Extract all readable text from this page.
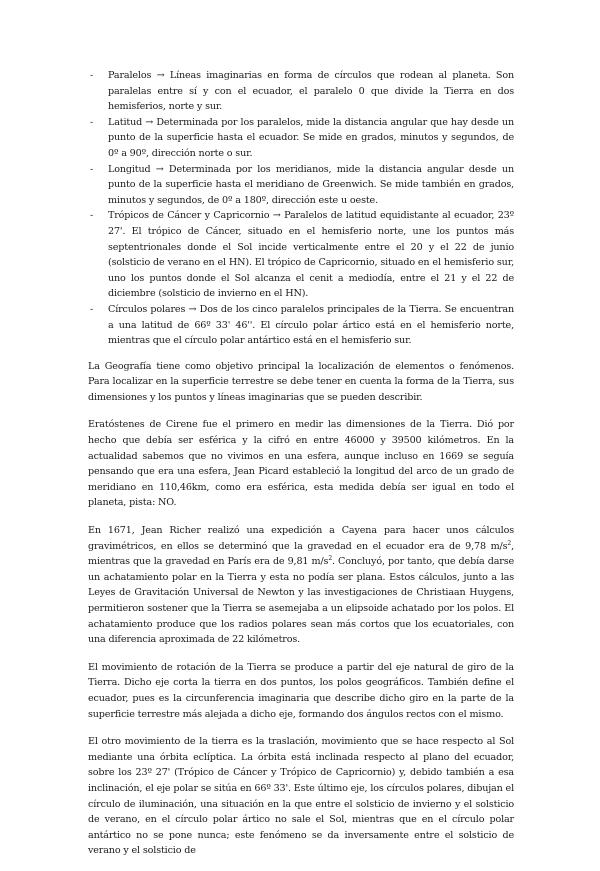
- Paralelos → Líneas imaginarias en forma de círculos que rodean al planeta. Son paralelas entre sí y con el ecuador, el paralelo 0 que divide la Tierra en dos hemisferios, norte y sur.
- Latitud → Determinada por los paralelos, mide la distancia angular que hay desde un punto de la superficie hasta el ecuador. Se mide en grados, minutos y segundos, de 0º a 90º, dirección norte o sur.
- Longitud → Determinada por los meridianos, mide la distancia angular desde un punto de la superficie hasta el meridiano de Greenwich. Se mide también en grados, minutos y segundos, de 0º a 180º, dirección este u oeste.
- Trópicos de Cáncer y Capricornio → Paralelos de latitud equidistante al ecuador, 23º 27'. El trópico de Cáncer, situado en el hemisferio norte, une los puntos más septentrionales donde el Sol incide verticalmente entre el 20 y el 22 de junio (solsticio de verano en el HN). El trópico de Capricornio, situado en el hemisferio sur, uno los puntos donde el Sol alcanza el cenit a mediodía, entre el 21 y el 22 de diciembre (solsticio de invierno en el HN).
- Círculos polares → Dos de los cinco paralelos principales de la Tierra. Se encuentran a una latitud de 66º 33' 46''. El círculo polar ártico está en el hemisferio norte, mientras que el círculo polar antártico está en el hemisferio sur.

La Geografía tiene como objetivo principal la localización de elementos o fenómenos. Para localizar en la superficie terrestre se debe tener en cuenta la forma de la Tierra, sus dimensiones y los puntos y líneas imaginarias que se pueden describir.

Eratóstenes de Cirene fue el primero en medir las dimensiones de la Tierra. Dió por hecho que debía ser esférica y la cifró en entre 46000 y 39500 kilómetros. En la actualidad sabemos que no vivimos en una esfera, aunque incluso en 1669 se seguía pensando que era una esfera, Jean Picard estableció la longitud del arco de un grado de meridiano en 110,46km, como era esférica, esta medida debía ser igual en todo el planeta, pista: NO.

En 1671, Jean Richer realizó una expedición a Cayena para hacer unos cálculos gravimétricos, en ellos se determinó que la gravedad en el ecuador era de 9,78 $m/s^2$, mientras que la gravedad en París era de 9,81 $m/s^2$. Concluyó, por tanto, que debía darse un achatamiento polar en la Tierra y esta no podía ser plana. Estos cálculos, junto a las Leyes de Gravitación Universal de Newton y las investigaciones de Christiaan Huygens, permitieron sostener que la Tierra se asemejaba a un elipsoide achatado por los polos. El achatamiento produce que los radios polares sean más cortos que los ecuatoriales, con una diferencia aproximada de 22 kilómetros.

El movimiento de rotación de la Tierra se produce a partir del eje natural de giro de la Tierra. Dicho eje corta la tierra en dos puntos, los polos geográficos. También define el ecuador, pues es la circunferencia imaginaria que describe dicho giro en la parte de la superficie terrestre más alejada a dicho eje, formando dos ángulos rectos con el mismo.

El otro movimiento de la tierra es la traslación, movimiento que se hace respecto al Sol mediante una órbita eclíptica. La órbita está inclinada respecto al plano del ecuador, sobre los 23º 27' (Trópico de Cáncer y Trópico de Capricornio) y, debido también a esa inclinación, el eje polar se sitúa en 66º 33'. Este último eje, los círculos polares, dibujan el círculo de iluminación, una situación en la que entre el solsticio de invierno y el solsticio de verano, en el círculo polar ártico no sale el Sol, mientras que en el círculo polar antártico no se pone nunca; este fenómeno se da inversamente entre el solsticio de verano y el solsticio de
